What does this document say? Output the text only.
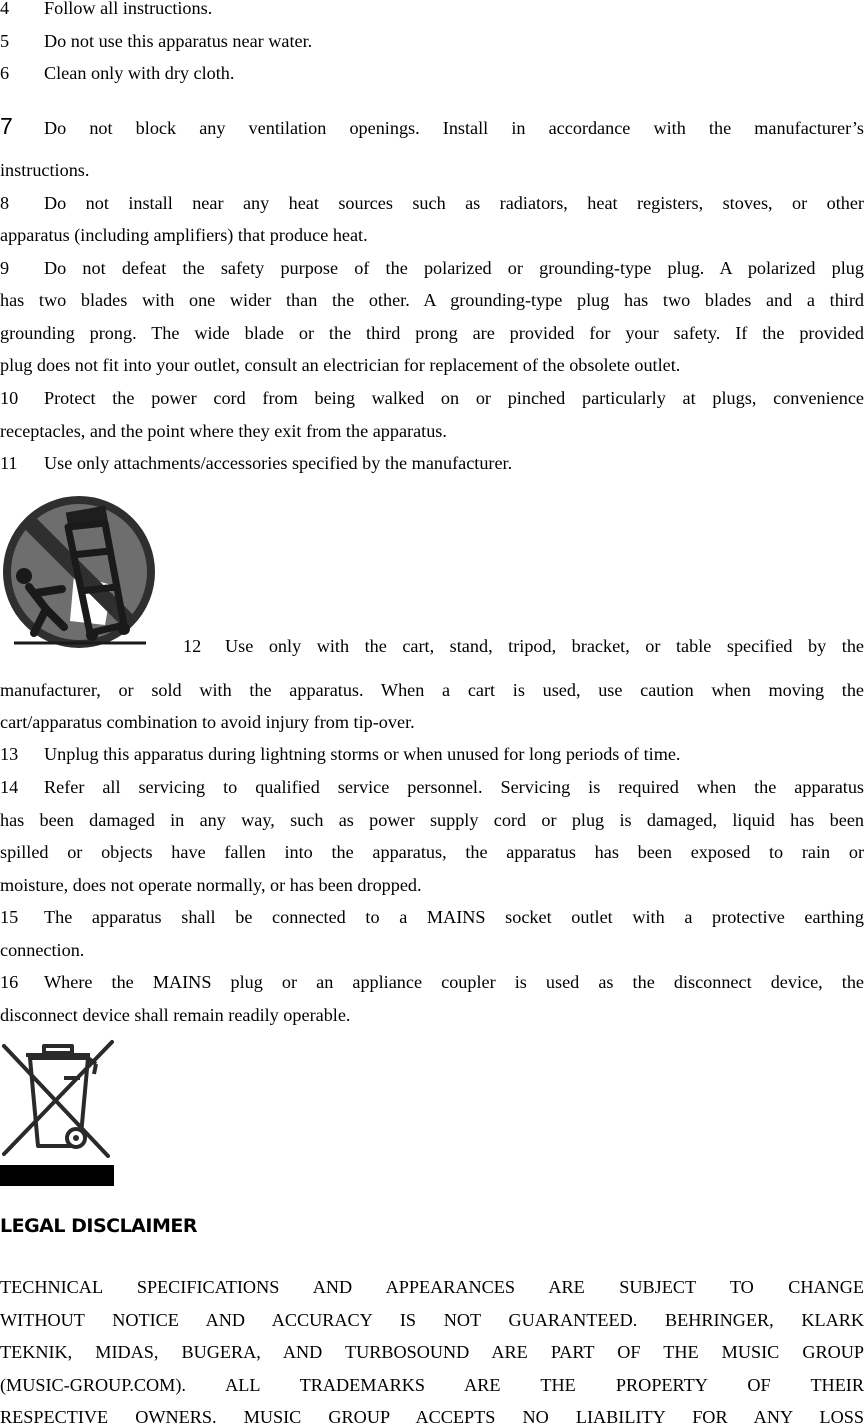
4 Follow all instructions.
5 Do not use this apparatus near water.
6 Clean only with dry cloth.
7 Do not block any ventilation openings. Install in accordance with the manufacturer’s
instructions.
8 Do not install near any heat sources such as radiators, heat registers, stoves, or other
apparatus (including amplifiers) that produce heat.
9 Do not defeat the safety purpose of the polarized or grounding-type plug. A polarized plug
has two blades with one wider than the other. A grounding-type plug has two blades and a third
grounding prong. The wide blade or the third prong are provided for your safety. If the provided
plug does not fit into your outlet, consult an electrician for replacement of the obsolete outlet.
10 Protect the power cord from being walked on or pinched particularly at plugs, convenience
receptacles, and the point where they exit from the apparatus.
11 Use only attachments/accessories specified by the manufacturer.
12 Use only with the cart, stand, tripod, bracket, or table specified by the
manufacturer, or sold with the apparatus. When a cart is used, use caution when moving the
cart/apparatus combination to avoid injury from tip-over.
13 Unplug this apparatus during lightning storms or when unused for long periods of time.
14 Refer all servicing to qualified service personnel. Servicing is required when the apparatus
has been damaged in any way, such as power supply cord or plug is damaged, liquid has been
spilled or objects have fallen into the apparatus, the apparatus has been exposed to rain or
moisture, does not operate normally, or has been dropped.
15 The apparatus shall be connected to a MAINS socket outlet with a protective earthing
connection.
16 Where the MAINS plug or an appliance coupler is used as the disconnect device, the
disconnect device shall remain readily operable.
LEGAL DISCLAIMER
TECHNICAL SPECIFICATIONS AND APPEARANCES ARE SUBJECT TO CHANGE
WITHOUT NOTICE AND ACCURACY IS NOT GUARANTEED. BEHRINGER, KLARK
TEKNIK, MIDAS, BUGERA, AND TURBOSOUND ARE PART OF THE MUSIC GROUP
(MUSIC-GROUP.COM). ALL TRADEMARKS ARE THE PROPERTY OF THEIR
RESPECTIVE OWNERS. MUSIC GROUP ACCEPTS NO LIABILITY FOR ANY LOSS
